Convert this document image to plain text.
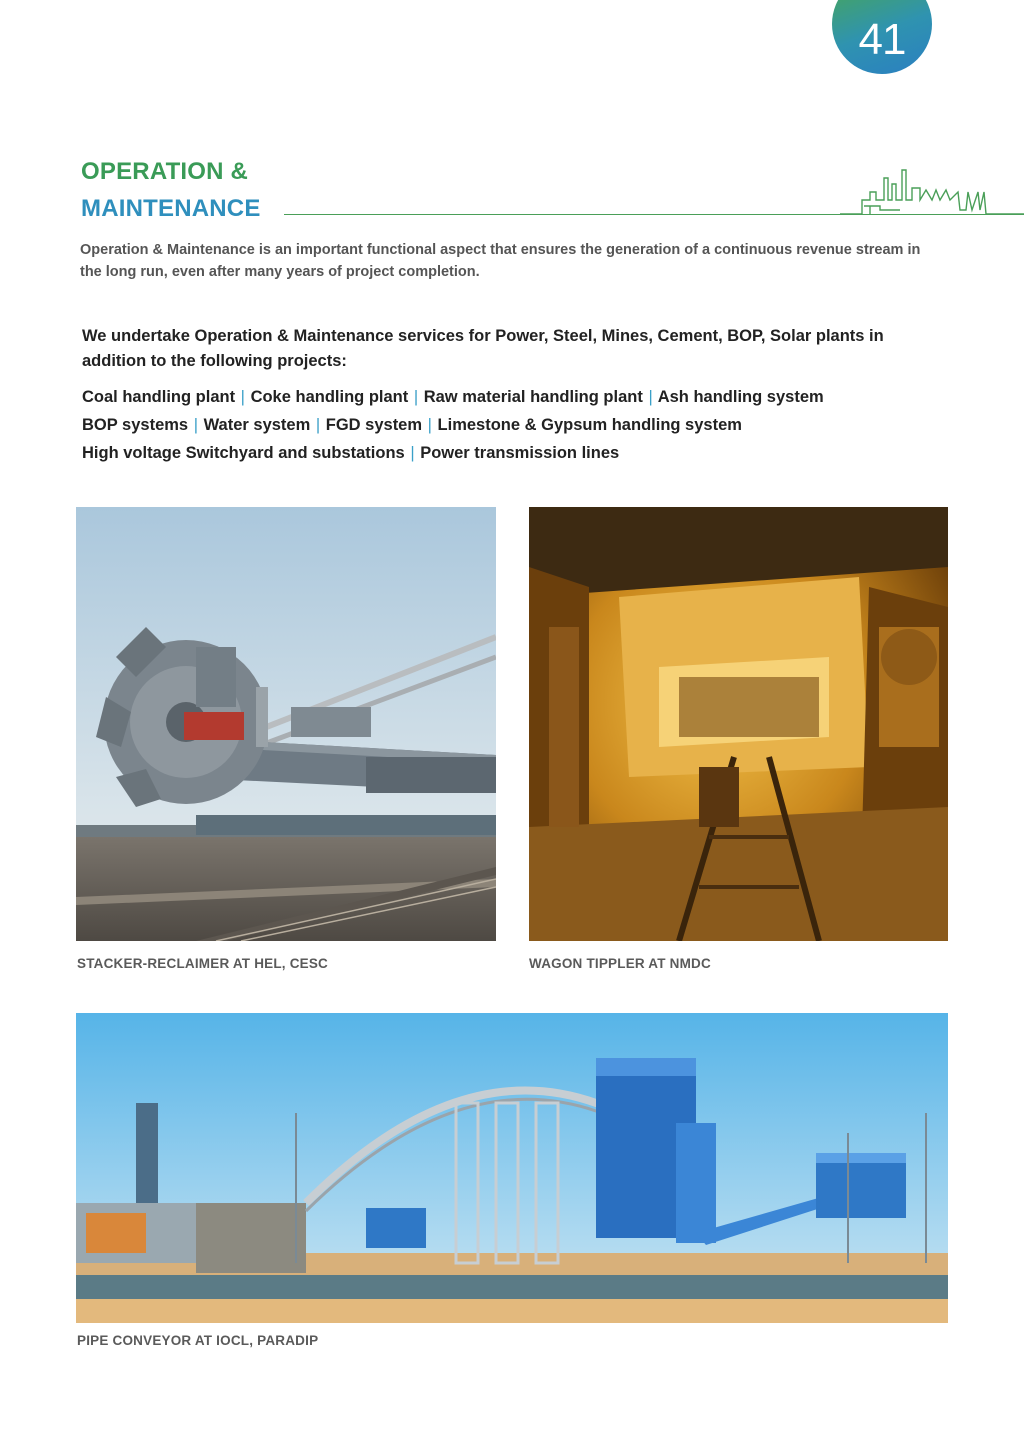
41
OPERATION &
MAINTENANCE
Operation & Maintenance is an important functional aspect that ensures the generation of a continuous revenue stream in the long run, even after many years of project completion.
We undertake Operation & Maintenance services for Power, Steel, Mines, Cement, BOP, Solar plants in addition to the following projects:
Coal handling plant | Coke handling plant | Raw material handling plant | Ash handling system
BOP systems | Water system | FGD system | Limestone & Gypsum handling system
High voltage Switchyard and substations | Power transmission lines
STACKER-RECLAIMER AT HEL, CESC	WAGON TIPPLER AT NMDC
PIPE CONVEYOR AT IOCL, PARADIP
